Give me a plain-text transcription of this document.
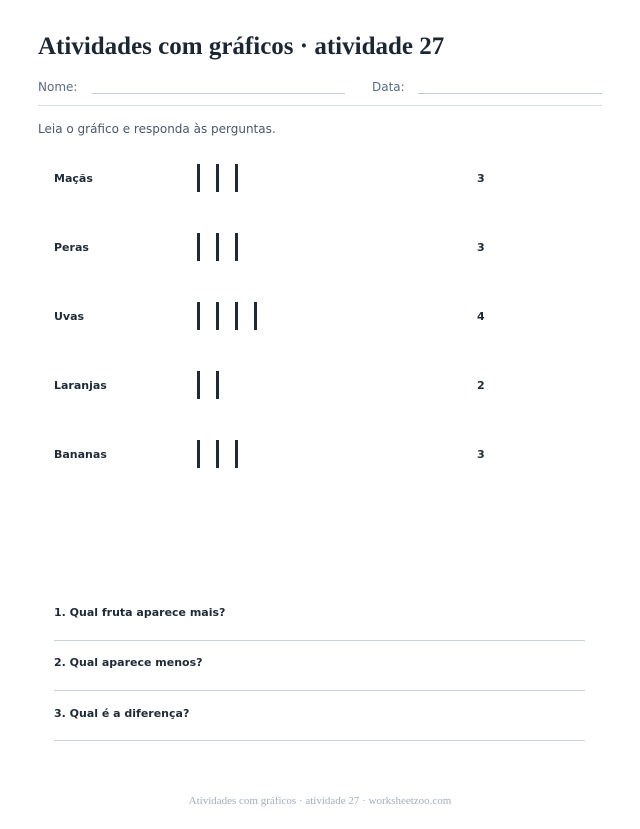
Atividades com gráficos · atividade 27
Nome:	Data:

Leia o gráfico e responda às perguntas.

Maçãs	3
Peras	3
Uvas	4
Laranjas	2
Bananas	3
1. Qual fruta aparece mais?
2. Qual aparece menos?
3. Qual é a diferença?
Atividades com gráficos · atividade 27 · worksheetzoo.com
